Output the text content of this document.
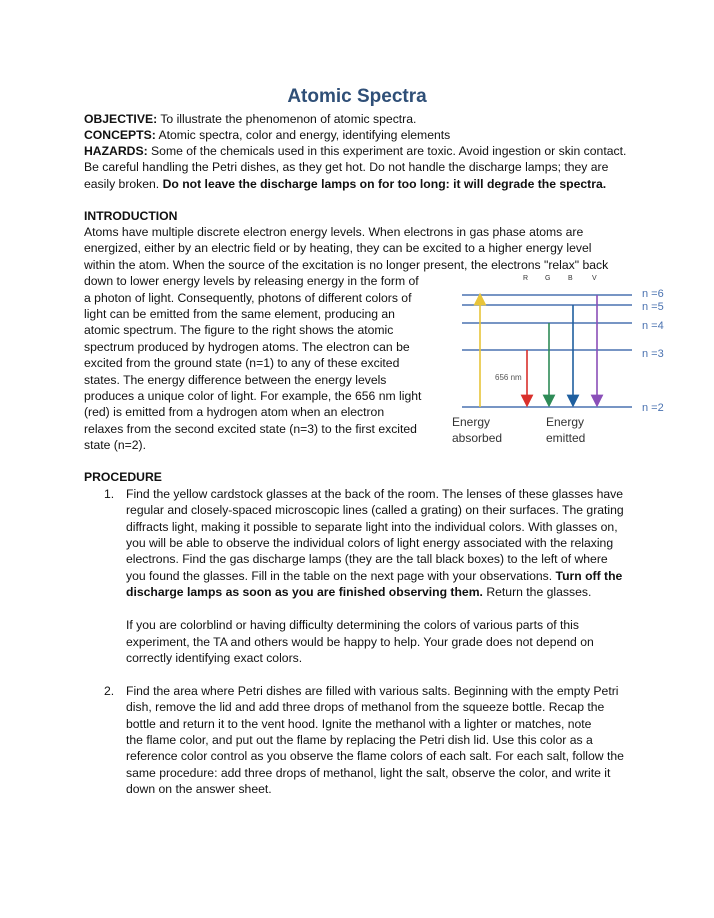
Atomic Spectra
OBJECTIVE: To illustrate the phenomenon of atomic spectra.
CONCEPTS: Atomic spectra, color and energy, identifying elements
HAZARDS: Some of the chemicals used in this experiment are toxic. Avoid ingestion or skin contact.
Be careful handling the Petri dishes, as they get hot. Do not handle the discharge lamps; they are
easily broken. Do not leave the discharge lamps on for too long: it will degrade the spectra.
INTRODUCTION
Atoms have multiple discrete electron energy levels. When electrons in gas phase atoms are
energized, either by an electric field or by heating, they can be excited to a higher energy level
within the atom. When the source of the excitation is no longer present, the electrons "relax" back
down to lower energy levels by releasing energy in the form of
a photon of light. Consequently, photons of different colors of
light can be emitted from the same element, producing an
atomic spectrum. The figure to the right shows the atomic
spectrum produced by hydrogen atoms. The electron can be
excited from the ground state (n=1) to any of these excited
states. The energy difference between the energy levels
produces a unique color of light. For example, the 656 nm light
(red) is emitted from a hydrogen atom when an electron
relaxes from the second excited state (n=3) to the first excited
state (n=2).
R G	B	V
n =6
n =5
n =4
n =3
n =2
656 nm
Energy
absorbed
Energy
emitted
PROCEDURE
1. Find the yellow cardstock glasses at the back of the room. The lenses of these glasses have
regular and closely-spaced microscopic lines (called a grating) on their surfaces. The grating
diffracts light, making it possible to separate light into the individual colors. With glasses on,
you will be able to observe the individual colors of light energy associated with the relaxing
electrons. Find the gas discharge lamps (they are the tall black boxes) to the left of where
you found the glasses. Fill in the table on the next page with your observations. Turn off the
discharge lamps as soon as you are finished observing them. Return the glasses.
If you are colorblind or having difficulty determining the colors of various parts of this
experiment, the TA and others would be happy to help. Your grade does not depend on
correctly identifying exact colors.
2. Find the area where Petri dishes are filled with various salts. Beginning with the empty Petri
dish, remove the lid and add three drops of methanol from the squeeze bottle. Recap the
bottle and return it to the vent hood. Ignite the methanol with a lighter or matches, note
the flame color, and put out the flame by replacing the Petri dish lid. Use this color as a
reference color control as you observe the flame colors of each salt. For each salt, follow the
same procedure: add three drops of methanol, light the salt, observe the color, and write it
down on the answer sheet.
